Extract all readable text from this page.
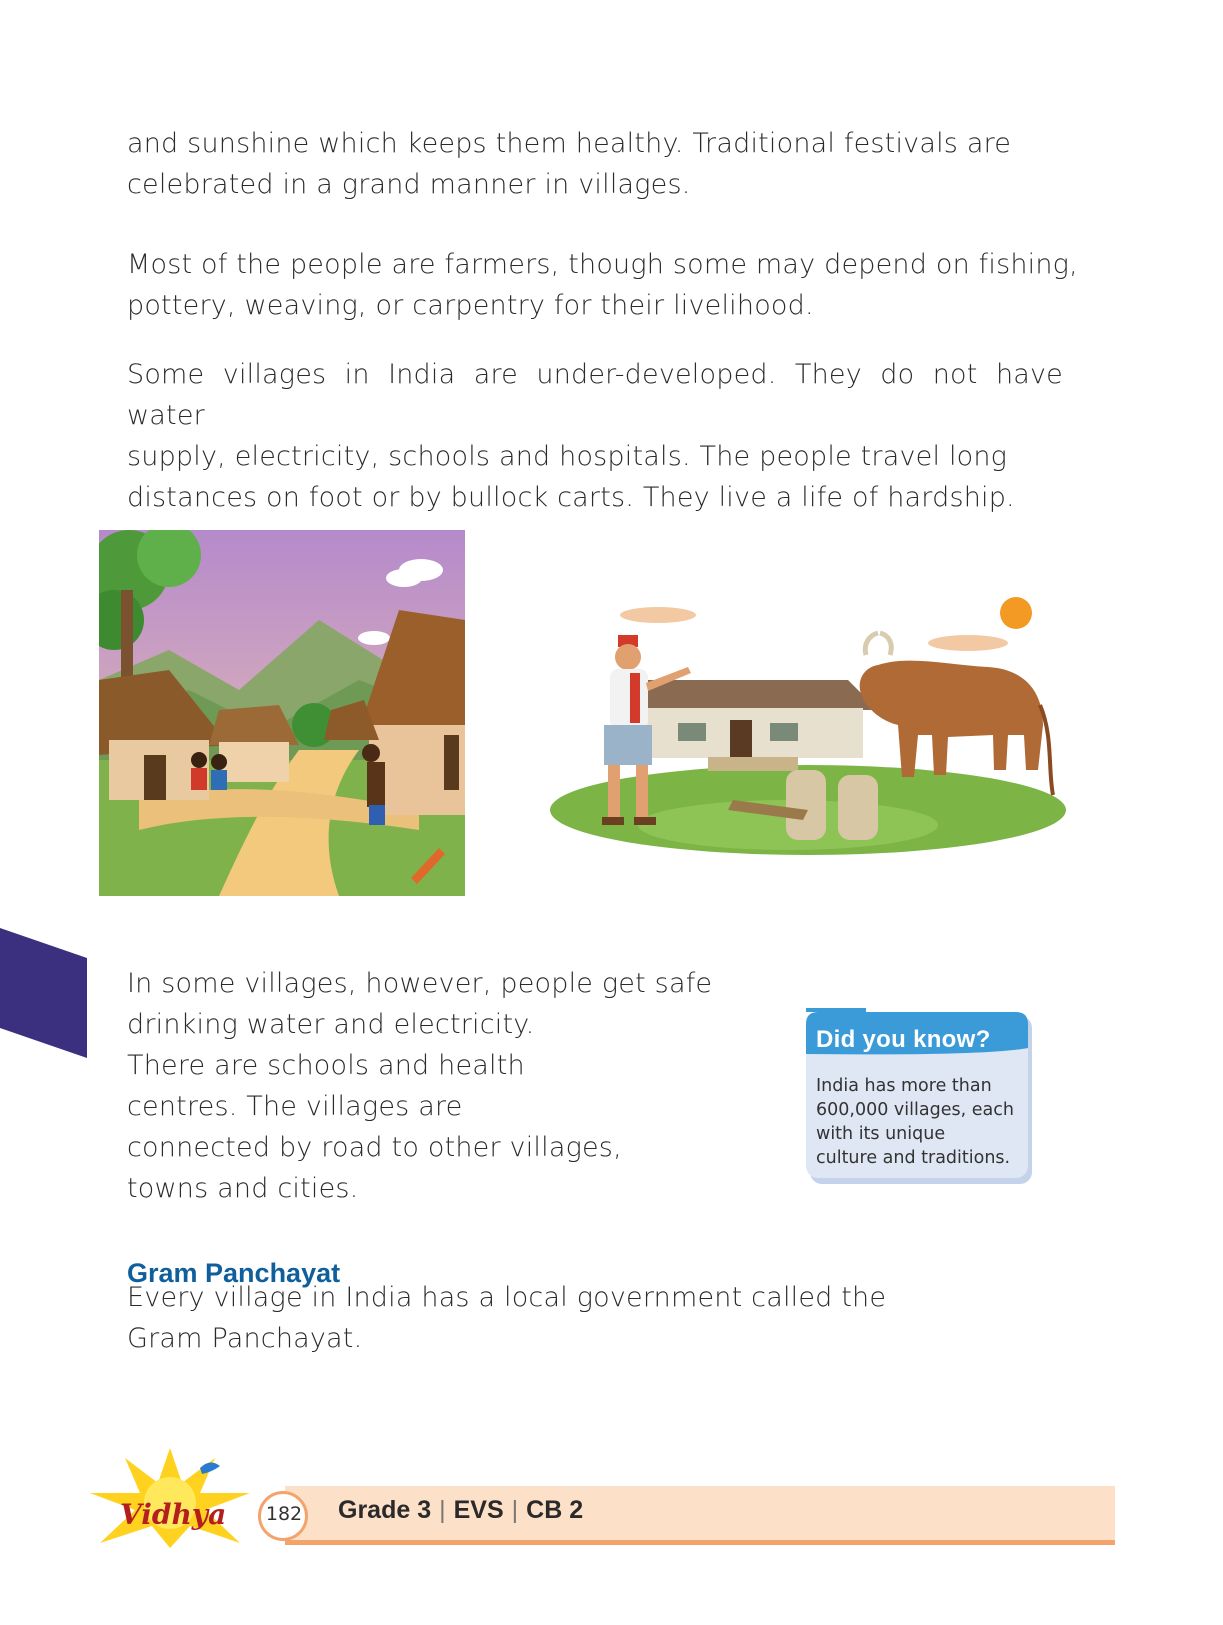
and sunshine which keeps them healthy. Traditional festivals are
celebrated in a grand manner in villages.
Most of the people are farmers, though some may depend on fishing,
pottery, weaving, or carpentry for their livelihood.
Some villages in India are under-developed. They do not have water
supply, electricity, schools and hospitals. The people travel long
distances on foot or by bullock carts. They live a life of hardship.
In some villages, however, people get safe
drinking water and electricity.
There are schools and health
centres. The villages are
connected by road to other villages,
towns and cities.
Did you know?
India has more than
600,000 villages, each
with its unique
culture and traditions.
Gram Panchayat
Every village in India has a local government called the
Gram Panchayat.
Vidhya	182	Grade 3 | EVS | CB 2
